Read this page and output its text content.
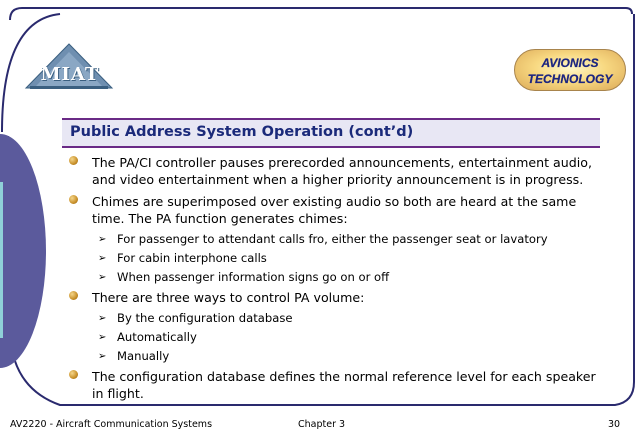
MIAT
AVIONICS
TECHNOLOGY
Public Address System Operation (cont’d)
The PA/CI controller pauses prerecorded announcements, entertainment audio, and video entertainment when a higher priority announcement is in progress.
Chimes are superimposed over existing audio so both are heard at the same time. The PA function generates chimes:
➢ For passenger to attendant calls fro, either the passenger seat or lavatory
➢ For cabin interphone calls
➢ When passenger information signs go on or off
There are three ways to control PA volume:
➢ By the configuration database
➢ Automatically
➢ Manually
The configuration database defines the normal reference level for each speaker in flight.
AV2220 - Aircraft Communication Systems	Chapter 3	30
